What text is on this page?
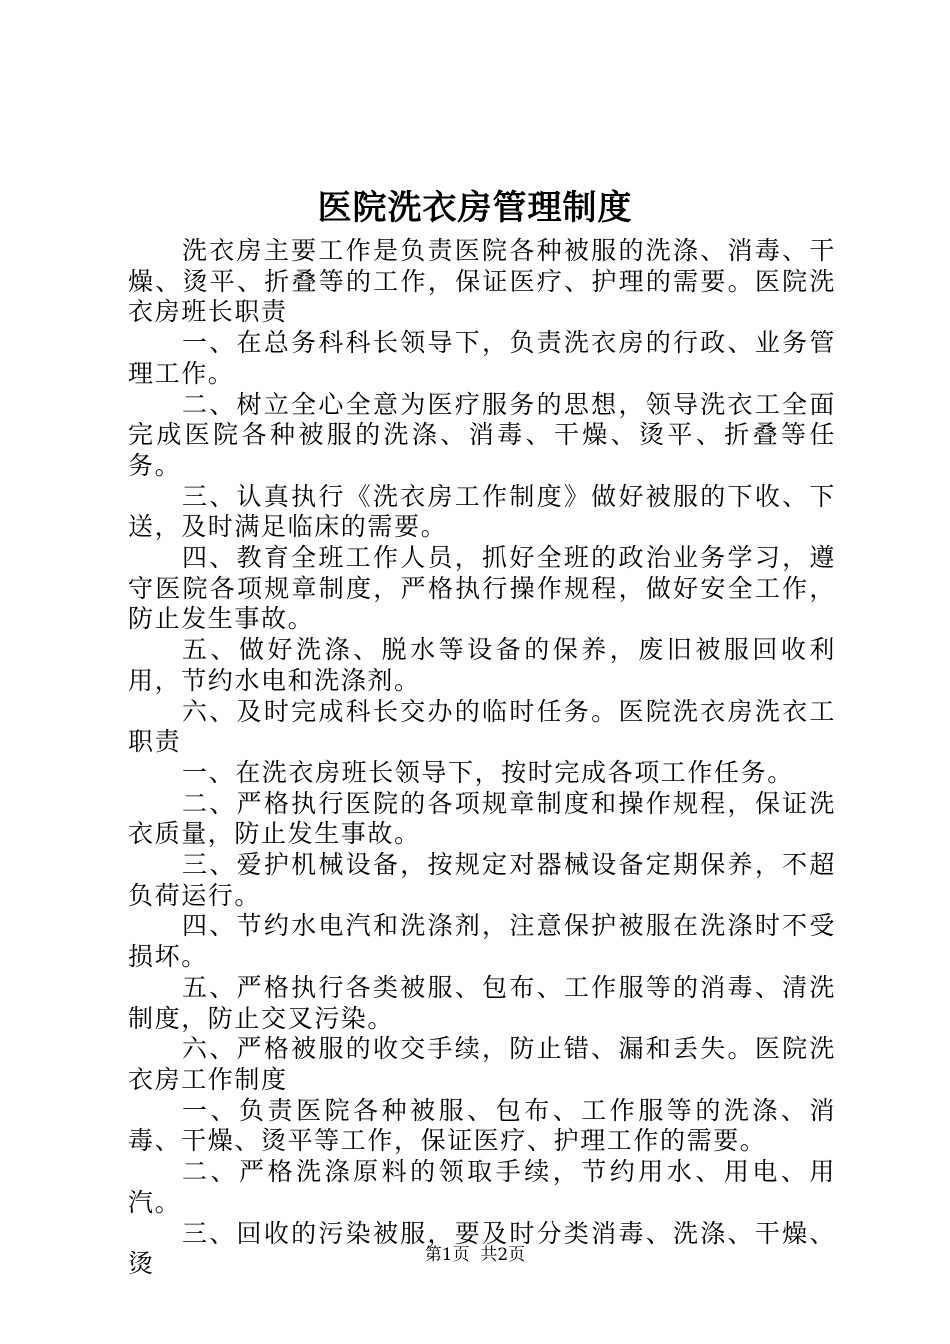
医院洗衣房管理制度

洗衣房主要工作是负责医院各种被服的洗涤、消毒、干燥、烫平、折叠等的工作，保证医疗、护理的需要。医院洗衣房班长职责

一、在总务科科长领导下，负责洗衣房的行政、业务管理工作。

二、树立全心全意为医疗服务的思想，领导洗衣工全面完成医院各种被服的洗涤、消毒、干燥、烫平、折叠等任务。

三、认真执行《洗衣房工作制度》做好被服的下收、下送，及时满足临床的需要。

四、教育全班工作人员，抓好全班的政治业务学习，遵守医院各项规章制度，严格执行操作规程，做好安全工作，防止发生事故。

五、做好洗涤、脱水等设备的保养，废旧被服回收利用，节约水电和洗涤剂。

六、及时完成科长交办的临时任务。医院洗衣房洗衣工职责

一、在洗衣房班长领导下，按时完成各项工作任务。

二、严格执行医院的各项规章制度和操作规程，保证洗衣质量，防止发生事故。

三、爱护机械设备，按规定对器械设备定期保养，不超负荷运行。

四、节约水电汽和洗涤剂，注意保护被服在洗涤时不受损坏。

五、严格执行各类被服、包布、工作服等的消毒、清洗制度，防止交叉污染。

六、严格被服的收交手续，防止错、漏和丢失。医院洗衣房工作制度

一、负责医院各种被服、包布、工作服等的洗涤、消毒、干燥、烫平等工作，保证医疗、护理工作的需要。

二、严格洗涤原料的领取手续，节约用水、用电、用汽。

三、回收的污染被服，要及时分类消毒、洗涤、干燥、烫	第1页  共2页
